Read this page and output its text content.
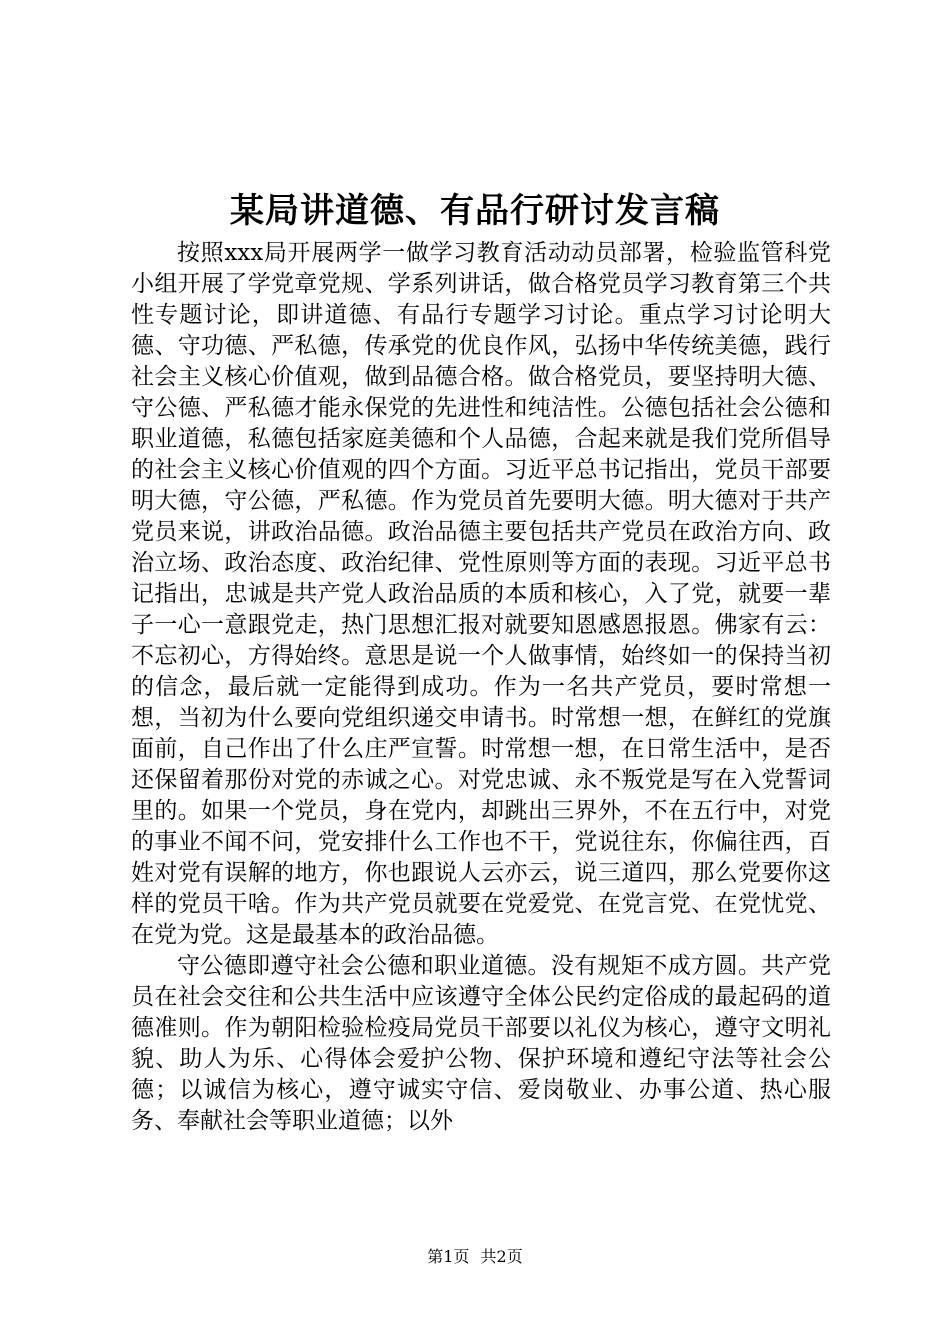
某局讲道德、有品行研讨发言稿

按照xxx局开展两学一做学习教育活动动员部署，检验监管科党小组开展了学党章党规、学系列讲话，做合格党员学习教育第三个共性专题讨论，即讲道德、有品行专题学习讨论。重点学习讨论明大德、守功德、严私德，传承党的优良作风，弘扬中华传统美德，践行社会主义核心价值观，做到品德合格。做合格党员，要坚持明大德、守公德、严私德才能永保党的先进性和纯洁性。公德包括社会公德和职业道德，私德包括家庭美德和个人品德，合起来就是我们党所倡导的社会主义核心价值观的四个方面。习近平总书记指出，党员干部要明大德，守公德，严私德。作为党员首先要明大德。明大德对于共产党员来说，讲政治品德。政治品德主要包括共产党员在政治方向、政治立场、政治态度、政治纪律、党性原则等方面的表现。习近平总书记指出，忠诚是共产党人政治品质的本质和核心，入了党，就要一辈子一心一意跟党走，热门思想汇报对就要知恩感恩报恩。佛家有云：不忘初心，方得始终。意思是说一个人做事情，始终如一的保持当初的信念，最后就一定能得到成功。作为一名共产党员，要时常想一想，当初为什么要向党组织递交申请书。时常想一想，在鲜红的党旗面前，自己作出了什么庄严宣誓。时常想一想，在日常生活中，是否还保留着那份对党的赤诚之心。对党忠诚、永不叛党是写在入党誓词里的。如果一个党员，身在党内，却跳出三界外，不在五行中，对党的事业不闻不问，党安排什么工作也不干，党说往东，你偏往西，百姓对党有误解的地方，你也跟说人云亦云，说三道四，那么党要你这样的党员干啥。作为共产党员就要在党爱党、在党言党、在党忧党、在党为党。这是最基本的政治品德。

守公德即遵守社会公德和职业道德。没有规矩不成方圆。共产党员在社会交往和公共生活中应该遵守全体公民约定俗成的最起码的道德准则。作为朝阳检验检疫局党员干部要以礼仪为核心，遵守文明礼貌、助人为乐、心得体会爱护公物、保护环境和遵纪守法等社会公德；以诚信为核心，遵守诚实守信、爱岗敬业、办事公道、热心服务、奉献社会等职业道德；以外

第1页 共2页
